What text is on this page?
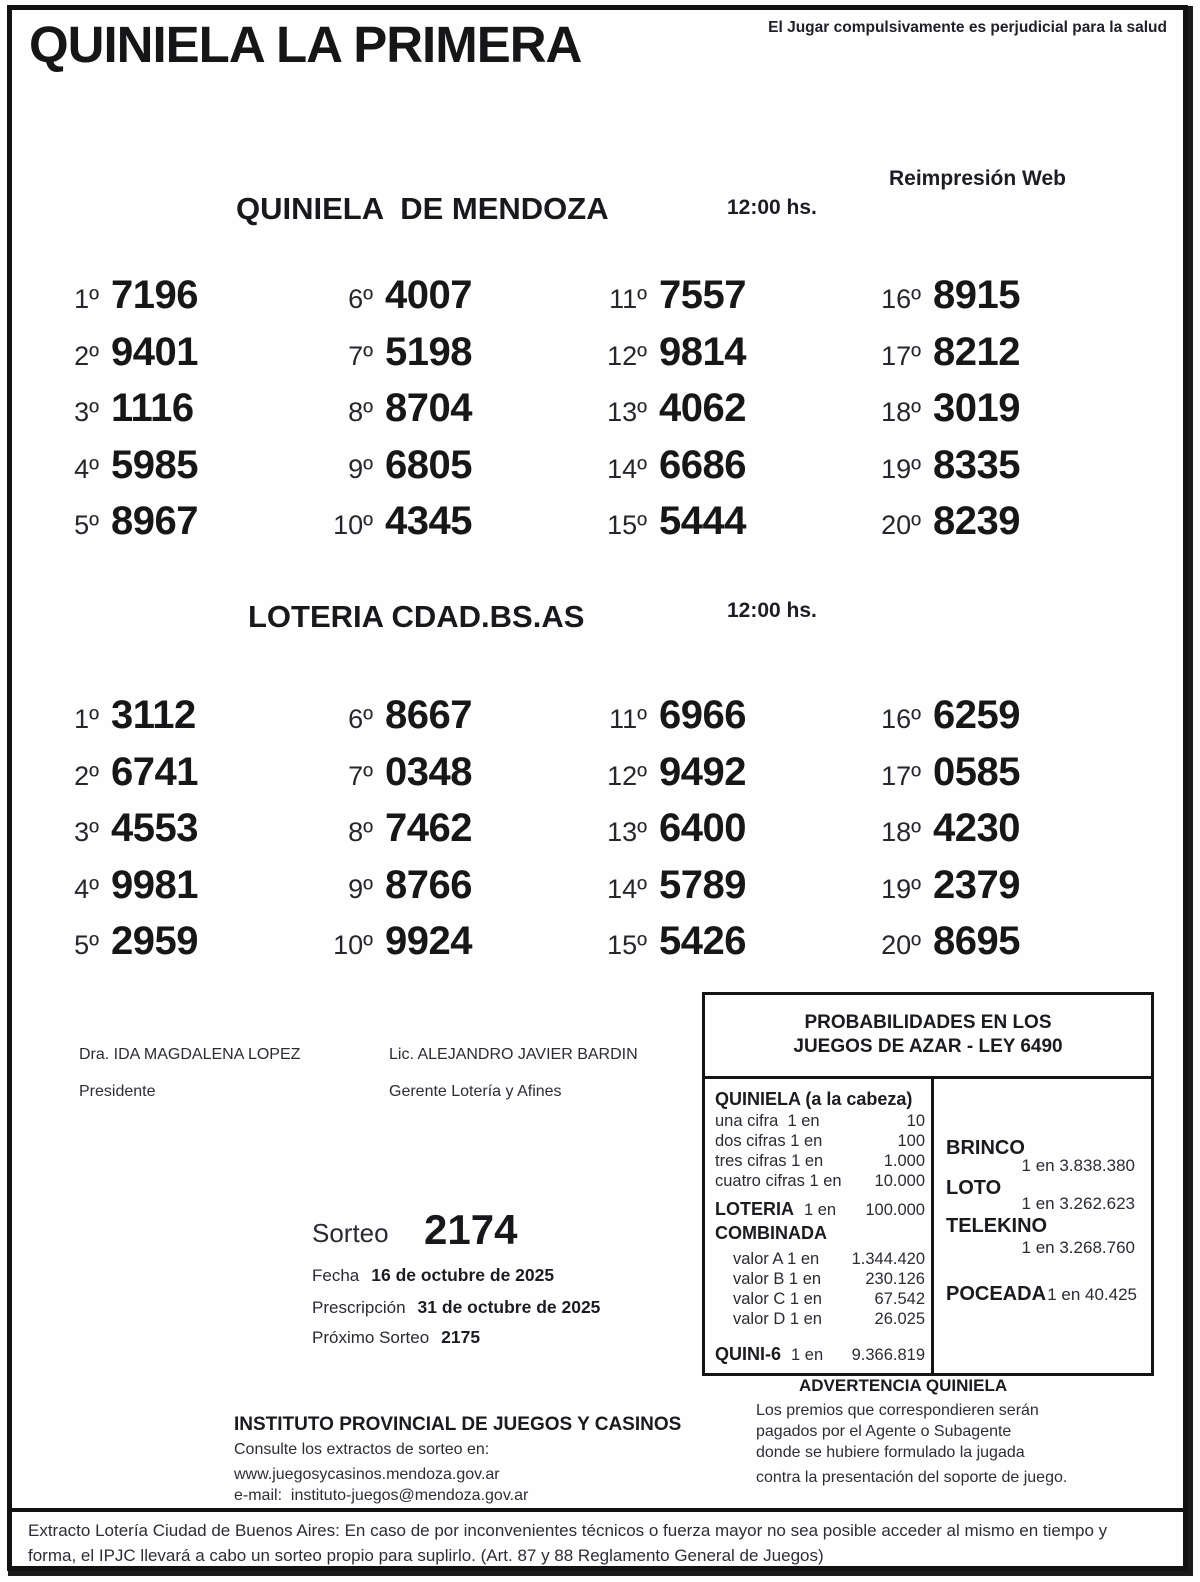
QUINIELA LA PRIMERA	El Jugar compulsivamente es perjudicial para la salud
Reimpresión Web
QUINIELA  DE MENDOZA	12:00 hs.
1º 7196
2º 9401
3º 1116
4º 5985
5º 8967
6º 4007
7º 5198
8º 8704
9º 6805
10º 4345
11º 7557
12º 9814
13º 4062
14º 6686
15º 5444
16º 8915
17º 8212
18º 3019
19º 8335
20º 8239
LOTERIA CDAD.BS.AS	12:00 hs.
1º 3112
2º 6741
3º 4553
4º 9981
5º 2959
6º 8667
7º 0348
8º 7462
9º 8766
10º 9924
11º 6966
12º 9492
13º 6400
14º 5789
15º 5426
16º 6259
17º 0585
18º 4230
19º 2379
20º 8695
Dra. IDA MAGDALENA LOPEZ
Presidente
Lic. ALEJANDRO JAVIER BARDIN
Gerente Lotería y Afines
Sorteo 2174
Fecha 16 de octubre de 2025
Prescripción 31 de octubre de 2025
Próximo Sorteo 2175
PROBABILIDADES EN LOS
JUEGOS DE AZAR - LEY 6490
QUINIELA (a la cabeza)
una cifra  1 en	10
dos cifras 1 en	100
tres cifras 1 en	1.000
cuatro cifras 1 en 10.000
LOTERIA 1 en 100.000
COMBINADA
valor A 1 en 1.344.420
valor B 1 en	230.126
valor C 1 en	67.542
valor D 1 en	26.025
QUINI-6 1 en 9.366.819
BRINCO
1 en 3.838.380
LOTO
1 en 3.262.623
TELEKINO
1 en 3.268.760
POCEADA 1 en 40.425
ADVERTENCIA QUINIELA
Los premios que correspondieren serán
pagados por el Agente o Subagente
donde se hubiere formulado la jugada
contra la presentación del soporte de juego.
INSTITUTO PROVINCIAL DE JUEGOS Y CASINOS
Consulte los extractos de sorteo en:
www.juegosycasinos.mendoza.gov.ar
e-mail:  instituto-juegos@mendoza.gov.ar
Extracto Lotería Ciudad de Buenos Aires: En caso de por inconvenientes técnicos o fuerza mayor no sea posible acceder al mismo en tiempo y
forma, el IPJC llevará a cabo un sorteo propio para suplirlo. (Art. 87 y 88 Reglamento General de Juegos)
